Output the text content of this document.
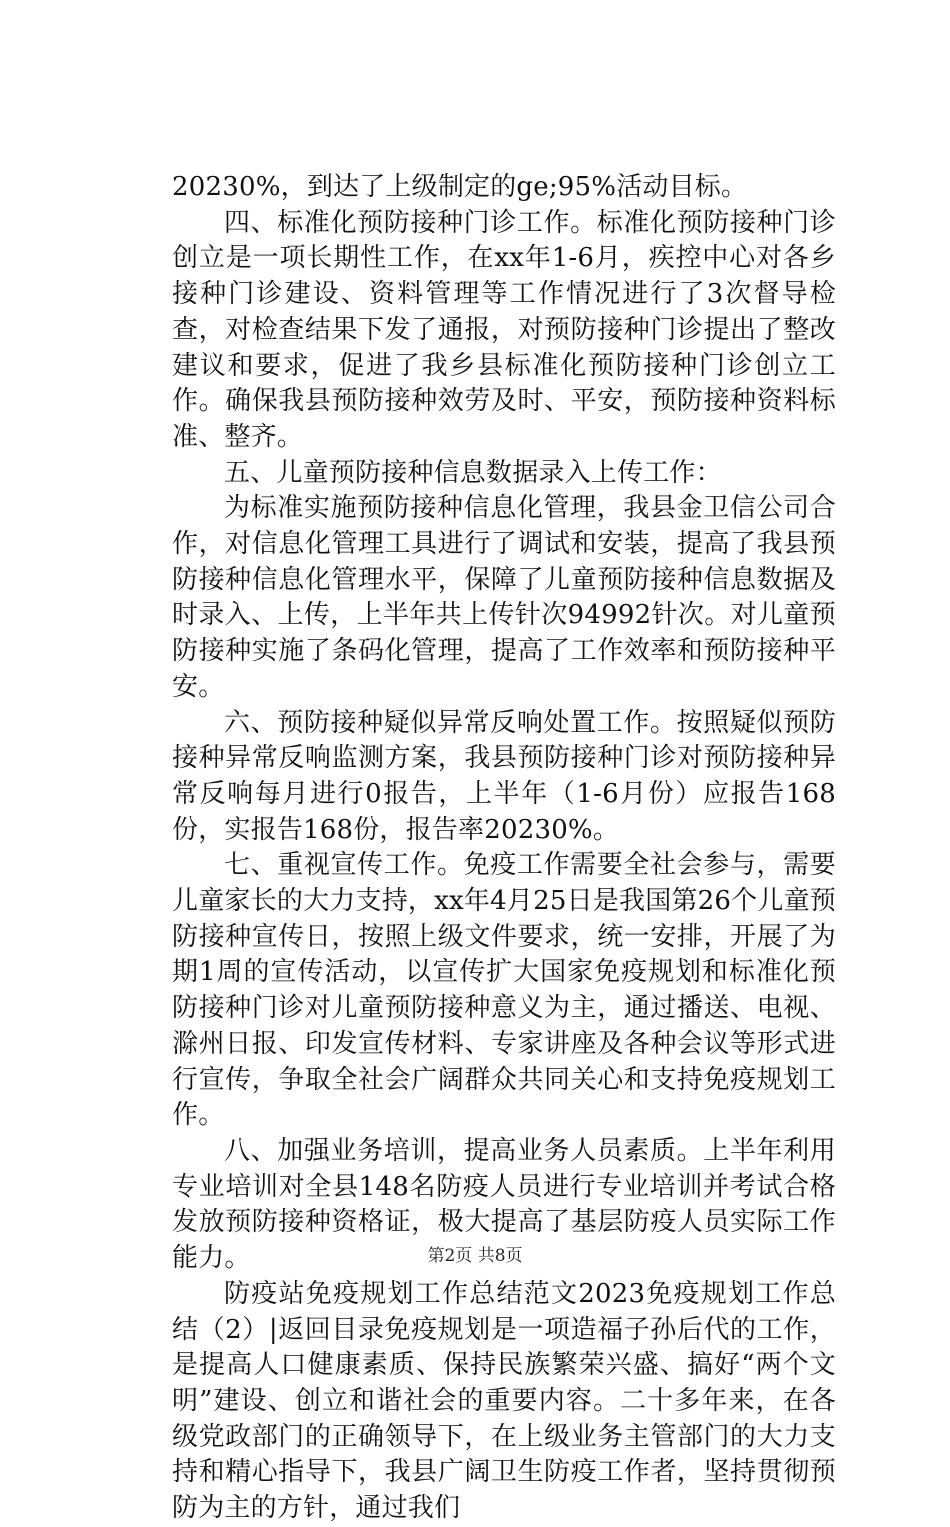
20230%，到达了上级制定的ge;95%活动目标。

四、标准化预防接种门诊工作。标准化预防接种门诊创立是一项长期性工作，在xx年1-6月，疾控中心对各乡接种门诊建设、资料管理等工作情况进行了3次督导检查，对检查结果下发了通报，对预防接种门诊提出了整改建议和要求，促进了我乡县标准化预防接种门诊创立工作。确保我县预防接种效劳及时、平安，预防接种资料标准、整齐。

五、儿童预防接种信息数据录入上传工作：

为标准实施预防接种信息化管理，我县金卫信公司合作，对信息化管理工具进行了调试和安装，提高了我县预防接种信息化管理水平，保障了儿童预防接种信息数据及时录入、上传，上半年共上传针次94992针次。对儿童预防接种实施了条码化管理，提高了工作效率和预防接种平安。

六、预防接种疑似异常反响处置工作。按照疑似预防接种异常反响监测方案，我县预防接种门诊对预防接种异常反响每月进行0报告，上半年（1-6月份）应报告168份，实报告168份，报告率20230%。

七、重视宣传工作。免疫工作需要全社会参与，需要儿童家长的大力支持，xx年4月25日是我国第26个儿童预防接种宣传日，按照上级文件要求，统一安排，开展了为期1周的宣传活动，以宣传扩大国家免疫规划和标准化预防接种门诊对儿童预防接种意义为主，通过播送、电视、滁州日报、印发宣传材料、专家讲座及各种会议等形式进行宣传，争取全社会广阔群众共同关心和支持免疫规划工作。

八、加强业务培训，提高业务人员素质。上半年利用专业培训对全县148名防疫人员进行专业培训并考试合格发放预防接种资格证，极大提高了基层防疫人员实际工作能力。

防疫站免疫规划工作总结范文2023免疫规划工作总结（2）|返回目录免疫规划是一项造福子孙后代的工作，是提高人口健康素质、保持民族繁荣兴盛、搞好“两个文明”建设、创立和谐社会的重要内容。二十多年来，在各级党政部门的正确领导下，在上级业务主管部门的大力支持和精心指导下，我县广阔卫生防疫工作者，坚持贯彻预防为主的方针，通过我们

第2页 共8页
